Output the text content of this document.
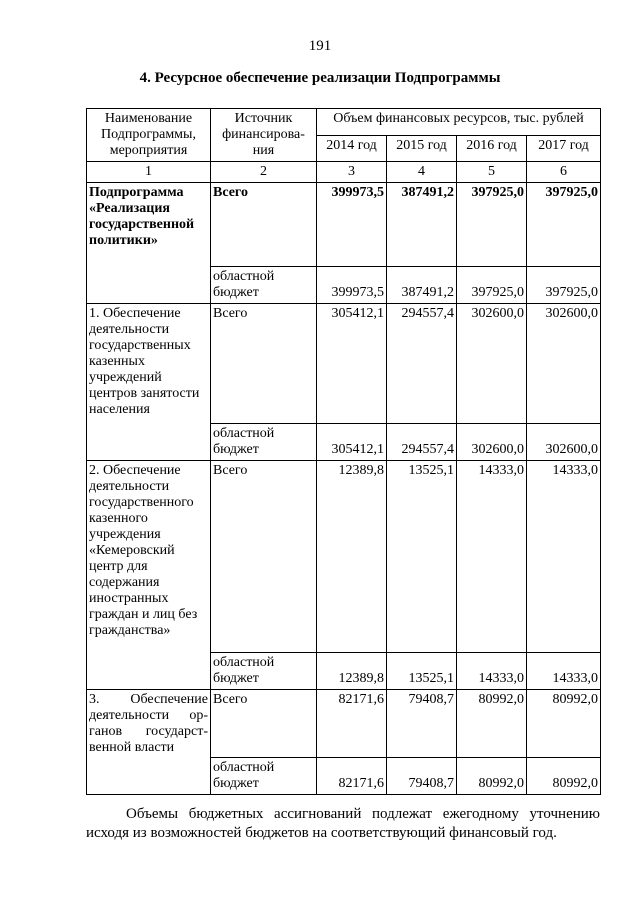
191
4. Ресурсное обеспечение реализации Подпрограммы
Наименование Подпрограммы, мероприятия	Источник финансирова-ния	Объем финансовых ресурсов, тыс. рублей			
		2014 год	2015 год	2016 год	2017 год
1	2	3	4	5	6
Подпрограмма «Реализация государственной политики»	Всего	399973,5	387491,2	397925,0	397925,0
	областной бюджет	399973,5	387491,2	397925,0	397925,0
1. Обеспечение деятельности государственных казенных учреждений центров занятости населения	Всего	305412,1	294557,4	302600,0	302600,0
	областной бюджет	305412,1	294557,4	302600,0	302600,0
2. Обеспечение деятельности государственного казенного учреждения «Кемеровский центр для содержания иностранных граждан и лиц без гражданства»	Всего	12389,8	13525,1	14333,0	14333,0
	областной бюджет	12389,8	13525,1	14333,0	14333,0
3. Обеспечение деятельности ор-ганов государст-венной власти	Всего	82171,6	79408,7	80992,0	80992,0
	областной бюджет	82171,6	79408,7	80992,0	80992,0
Объемы бюджетных ассигнований подлежат ежегодному уточнению исходя из возможностей бюджетов на соответствующий финансовый год.
